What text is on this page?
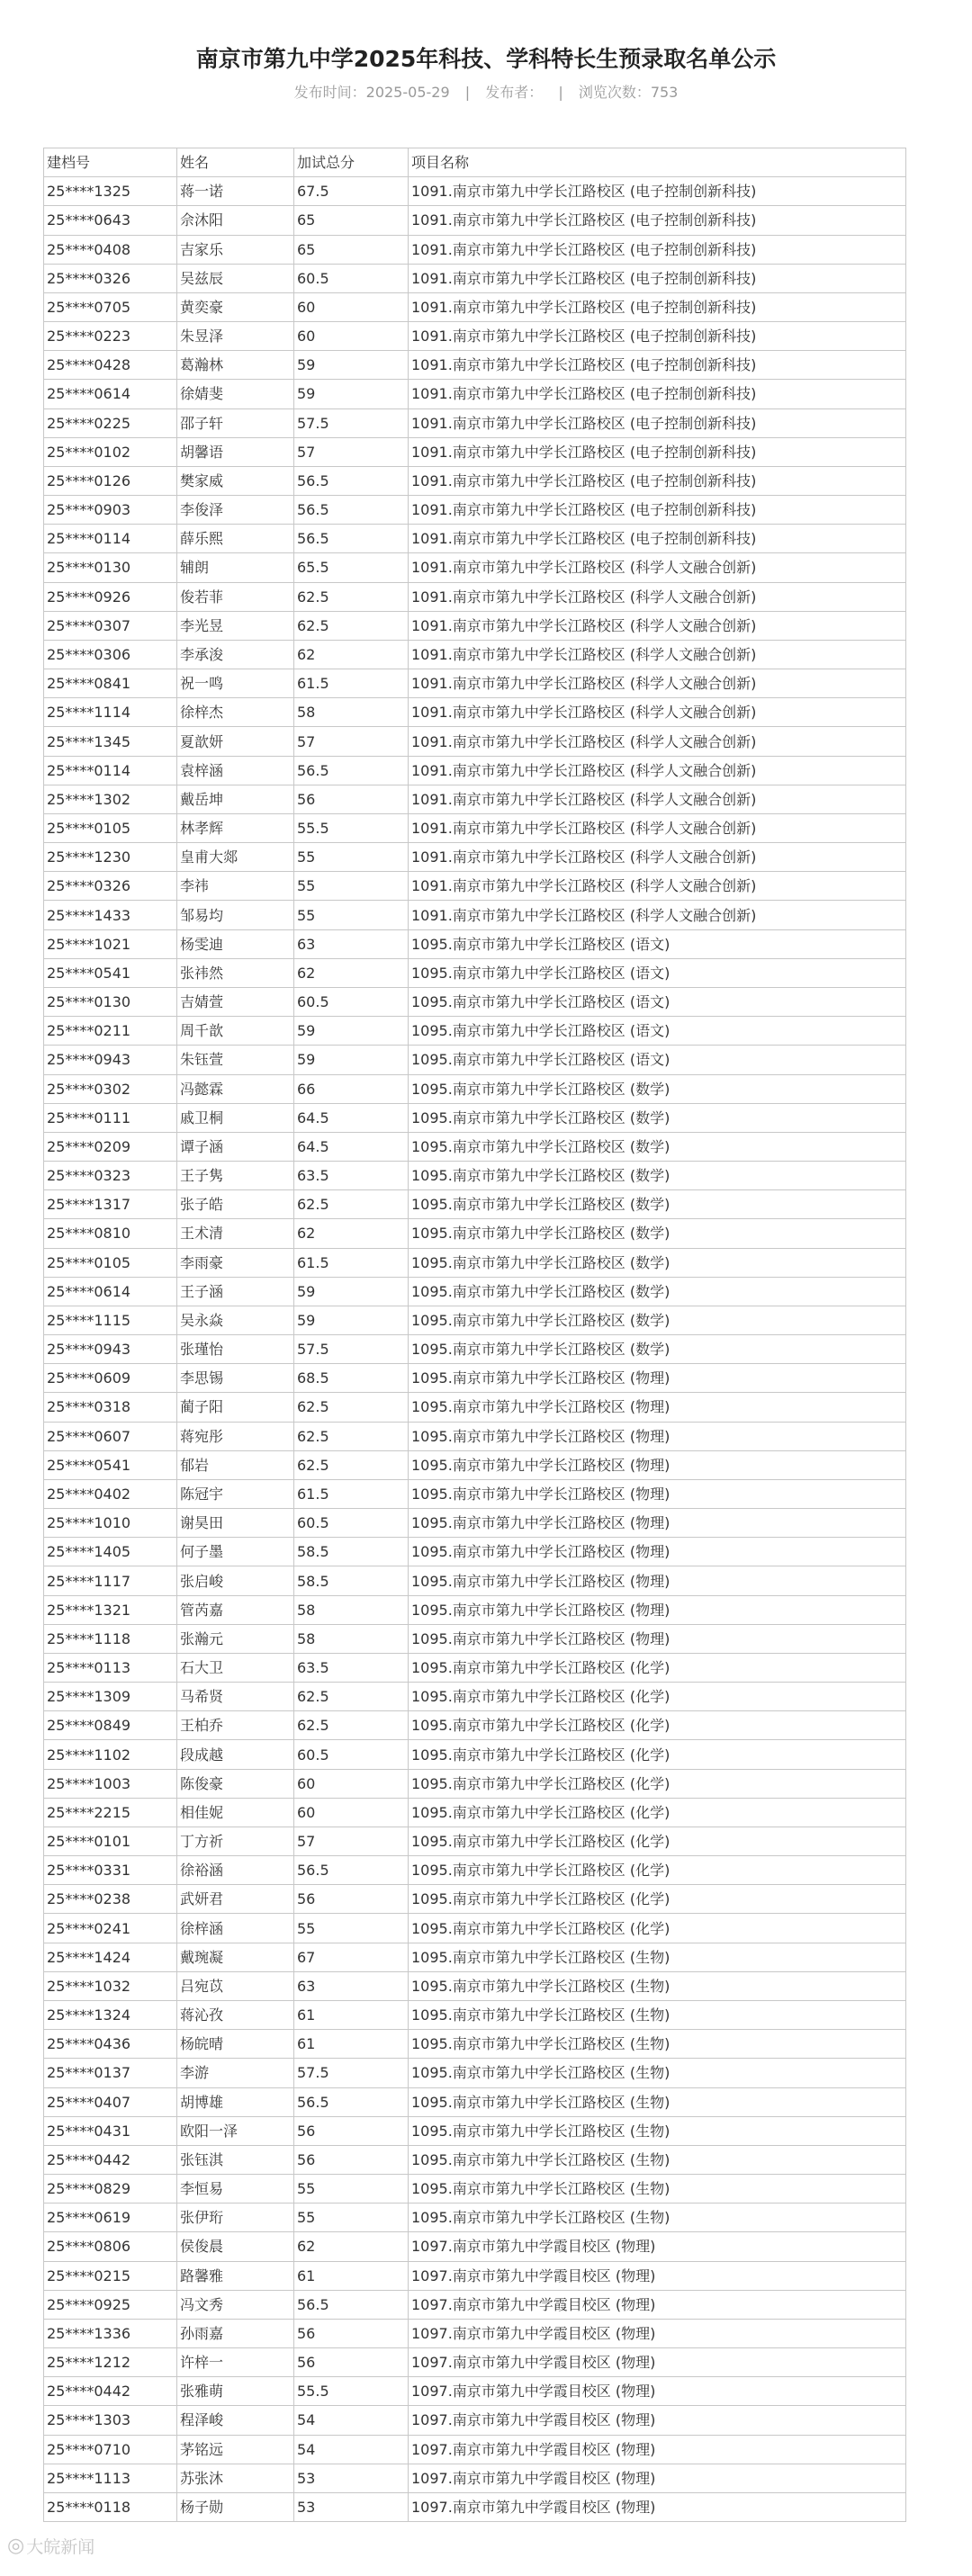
南京市第九中学2025年科技、学科特长生预录取名单公示
发布时间：2025-05-29 | 发布者： | 浏览次数：753
建档号	姓名	加试总分	项目名称
25****1325	蒋一诺	67.5	1091.南京市第九中学长江路校区 (电子控制创新科技)
25****0643	佘沐阳	65	1091.南京市第九中学长江路校区 (电子控制创新科技)
25****0408	吉家乐	65	1091.南京市第九中学长江路校区 (电子控制创新科技)
25****0326	吴兹辰	60.5	1091.南京市第九中学长江路校区 (电子控制创新科技)
25****0705	黄奕豪	60	1091.南京市第九中学长江路校区 (电子控制创新科技)
25****0223	朱昱泽	60	1091.南京市第九中学长江路校区 (电子控制创新科技)
25****0428	葛瀚林	59	1091.南京市第九中学长江路校区 (电子控制创新科技)
25****0614	徐婧斐	59	1091.南京市第九中学长江路校区 (电子控制创新科技)
25****0225	邵子轩	57.5	1091.南京市第九中学长江路校区 (电子控制创新科技)
25****0102	胡馨语	57	1091.南京市第九中学长江路校区 (电子控制创新科技)
25****0126	樊家威	56.5	1091.南京市第九中学长江路校区 (电子控制创新科技)
25****0903	李俊泽	56.5	1091.南京市第九中学长江路校区 (电子控制创新科技)
25****0114	薛乐熙	56.5	1091.南京市第九中学长江路校区 (电子控制创新科技)
25****0130	辅朗	65.5	1091.南京市第九中学长江路校区 (科学人文融合创新)
25****0926	俊若菲	62.5	1091.南京市第九中学长江路校区 (科学人文融合创新)
25****0307	李光昱	62.5	1091.南京市第九中学长江路校区 (科学人文融合创新)
25****0306	李承浚	62	1091.南京市第九中学长江路校区 (科学人文融合创新)
25****0841	祝一鸣	61.5	1091.南京市第九中学长江路校区 (科学人文融合创新)
25****1114	徐梓杰	58	1091.南京市第九中学长江路校区 (科学人文融合创新)
25****1345	夏歆妍	57	1091.南京市第九中学长江路校区 (科学人文融合创新)
25****0114	袁梓涵	56.5	1091.南京市第九中学长江路校区 (科学人文融合创新)
25****1302	戴岳坤	56	1091.南京市第九中学长江路校区 (科学人文融合创新)
25****0105	林孝辉	55.5	1091.南京市第九中学长江路校区 (科学人文融合创新)
25****1230	皇甫大郯	55	1091.南京市第九中学长江路校区 (科学人文融合创新)
25****0326	李祎	55	1091.南京市第九中学长江路校区 (科学人文融合创新)
25****1433	邹易均	55	1091.南京市第九中学长江路校区 (科学人文融合创新)
25****1021	杨雯迪	63	1095.南京市第九中学长江路校区 (语文)
25****0541	张祎然	62	1095.南京市第九中学长江路校区 (语文)
25****0130	吉婧萱	60.5	1095.南京市第九中学长江路校区 (语文)
25****0211	周千歆	59	1095.南京市第九中学长江路校区 (语文)
25****0943	朱钰萱	59	1095.南京市第九中学长江路校区 (语文)
25****0302	冯懿霖	66	1095.南京市第九中学长江路校区 (数学)
25****0111	戚卫桐	64.5	1095.南京市第九中学长江路校区 (数学)
25****0209	谭子涵	64.5	1095.南京市第九中学长江路校区 (数学)
25****0323	王子隽	63.5	1095.南京市第九中学长江路校区 (数学)
25****1317	张子皓	62.5	1095.南京市第九中学长江路校区 (数学)
25****0810	王术清	62	1095.南京市第九中学长江路校区 (数学)
25****0105	李雨豪	61.5	1095.南京市第九中学长江路校区 (数学)
25****0614	王子涵	59	1095.南京市第九中学长江路校区 (数学)
25****1115	吴永焱	59	1095.南京市第九中学长江路校区 (数学)
25****0943	张瑾怡	57.5	1095.南京市第九中学长江路校区 (数学)
25****0609	李思锡	68.5	1095.南京市第九中学长江路校区 (物理)
25****0318	蔺子阳	62.5	1095.南京市第九中学长江路校区 (物理)
25****0607	蒋宛彤	62.5	1095.南京市第九中学长江路校区 (物理)
25****0541	郁岩	62.5	1095.南京市第九中学长江路校区 (物理)
25****0402	陈冠宇	61.5	1095.南京市第九中学长江路校区 (物理)
25****1010	谢昊田	60.5	1095.南京市第九中学长江路校区 (物理)
25****1405	何子墨	58.5	1095.南京市第九中学长江路校区 (物理)
25****1117	张启峻	58.5	1095.南京市第九中学长江路校区 (物理)
25****1321	管芮嘉	58	1095.南京市第九中学长江路校区 (物理)
25****1118	张瀚元	58	1095.南京市第九中学长江路校区 (物理)
25****0113	石大卫	63.5	1095.南京市第九中学长江路校区 (化学)
25****1309	马希贤	62.5	1095.南京市第九中学长江路校区 (化学)
25****0849	王柏乔	62.5	1095.南京市第九中学长江路校区 (化学)
25****1102	段成越	60.5	1095.南京市第九中学长江路校区 (化学)
25****1003	陈俊豪	60	1095.南京市第九中学长江路校区 (化学)
25****2215	相佳妮	60	1095.南京市第九中学长江路校区 (化学)
25****0101	丁方祈	57	1095.南京市第九中学长江路校区 (化学)
25****0331	徐裕涵	56.5	1095.南京市第九中学长江路校区 (化学)
25****0238	武妍君	56	1095.南京市第九中学长江路校区 (化学)
25****0241	徐梓涵	55	1095.南京市第九中学长江路校区 (化学)
25****1424	戴琬凝	67	1095.南京市第九中学长江路校区 (生物)
25****1032	吕宛苡	63	1095.南京市第九中学长江路校区 (生物)
25****1324	蒋沁孜	61	1095.南京市第九中学长江路校区 (生物)
25****0436	杨皖晴	61	1095.南京市第九中学长江路校区 (生物)
25****0137	李游	57.5	1095.南京市第九中学长江路校区 (生物)
25****0407	胡博雄	56.5	1095.南京市第九中学长江路校区 (生物)
25****0431	欧阳一泽	56	1095.南京市第九中学长江路校区 (生物)
25****0442	张钰淇	56	1095.南京市第九中学长江路校区 (生物)
25****0829	李恒易	55	1095.南京市第九中学长江路校区 (生物)
25****0619	张伊珩	55	1095.南京市第九中学长江路校区 (生物)
25****0806	侯俊晨	62	1097.南京市第九中学霞目校区 (物理)
25****0215	路馨雅	61	1097.南京市第九中学霞目校区 (物理)
25****0925	冯文秀	56.5	1097.南京市第九中学霞目校区 (物理)
25****1336	孙雨嘉	56	1097.南京市第九中学霞目校区 (物理)
25****1212	许梓一	56	1097.南京市第九中学霞目校区 (物理)
25****0442	张雅萌	55.5	1097.南京市第九中学霞目校区 (物理)
25****1303	程泽峻	54	1097.南京市第九中学霞目校区 (物理)
25****0710	茅铭远	54	1097.南京市第九中学霞目校区 (物理)
25****1113	苏张沐	53	1097.南京市第九中学霞目校区 (物理)
25****0118	杨子勋	53	1097.南京市第九中学霞目校区 (物理)
◎ 大皖新闻
